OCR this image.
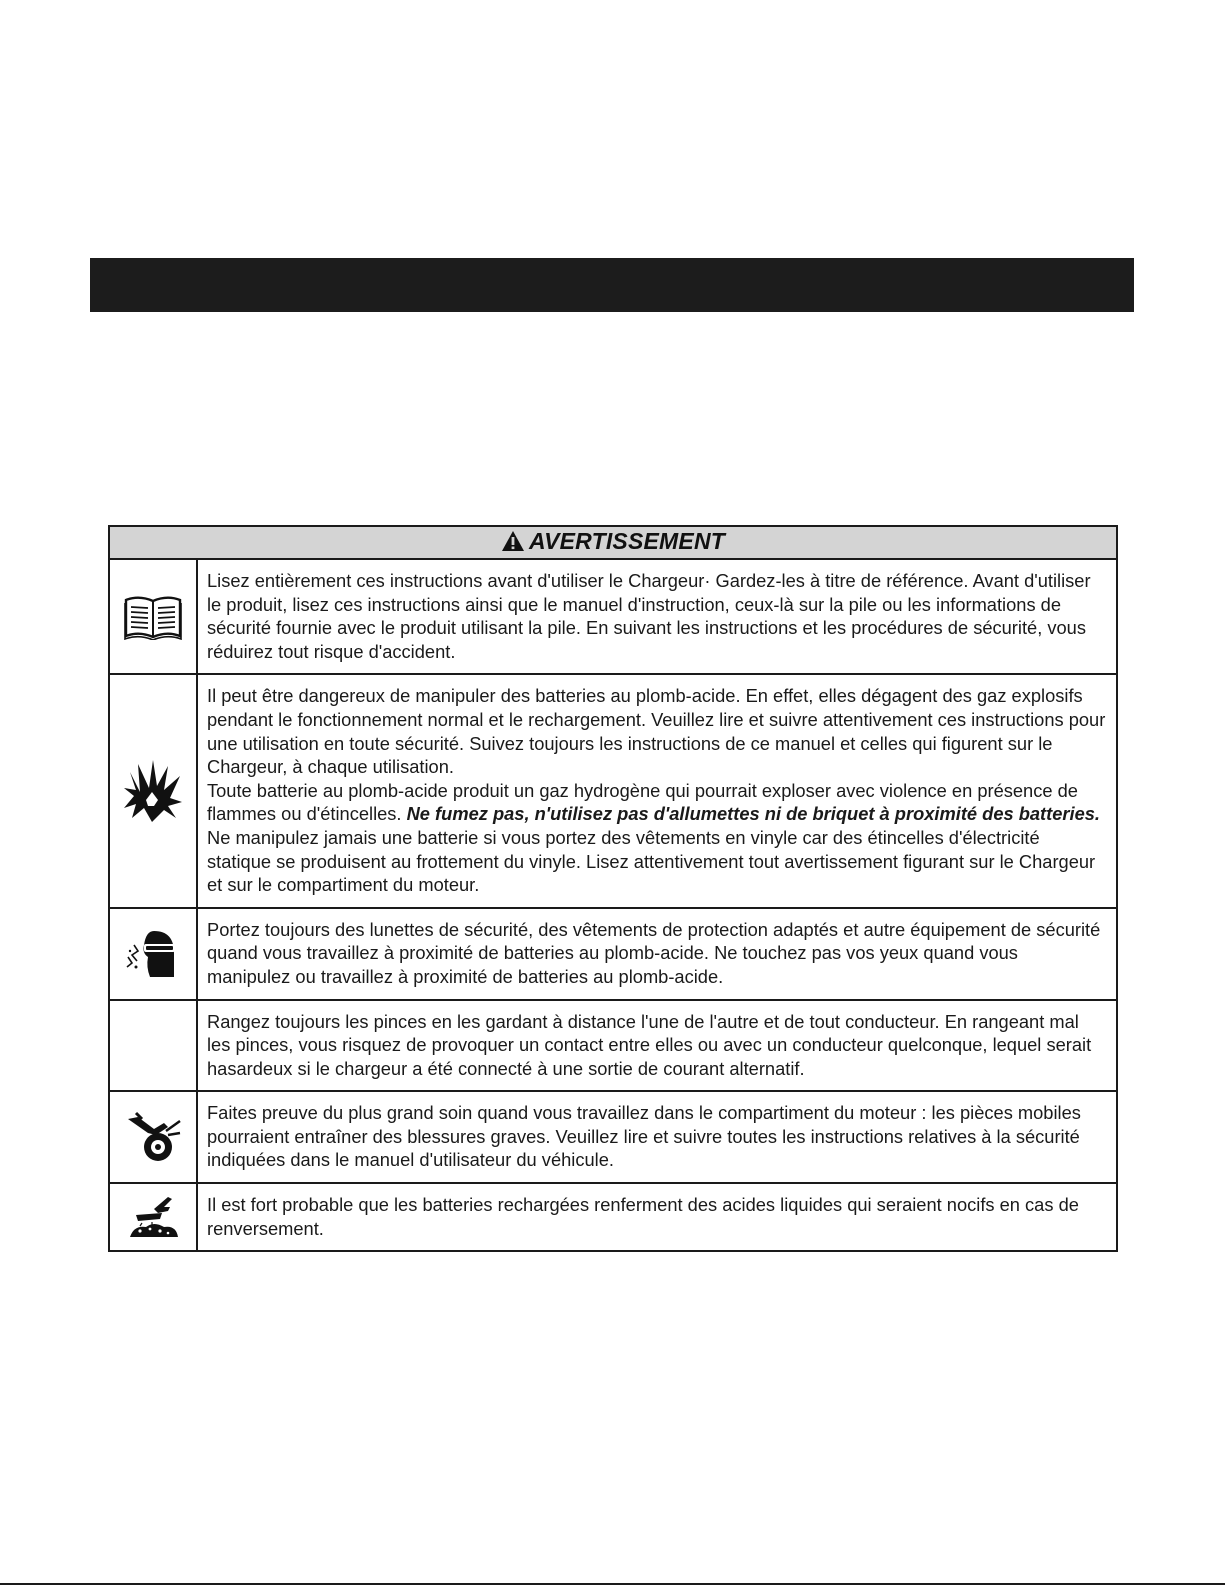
AVERTISSEMENT	

Lisez entièrement ces instructions avant d'utiliser le Chargeur· Gardez-les à titre de référence. Avant d'utiliser le produit, lisez ces instructions ainsi que le manuel d'instruction, ceux-là sur la pile ou les informations de sécurité fournie avec le produit utilisant la pile. En suivant les instructions et les procédures de sécurité, vous réduirez tout risque d'accident.

Il peut être dangereux de manipuler des batteries au plomb-acide. En effet, elles dégagent des gaz explosifs pendant le fonctionnement normal et le rechargement. Veuillez lire et suivre attentivement ces instructions pour une utilisation en toute sécurité. Suivez toujours les instructions de ce manuel et celles qui figurent sur le Chargeur, à chaque utilisation.

Toute batterie au plomb-acide produit un gaz hydrogène qui pourrait exploser avec violence en présence de flammes ou d'étincelles. Ne fumez pas, n'utilisez pas d'allumettes ni de briquet à proximité des batteries. Ne manipulez jamais une batterie si vous portez des vêtements en vinyle car des étincelles d'électricité statique se produisent au frottement du vinyle. Lisez attentivement tout avertissement figurant sur le Chargeur et sur le compartiment du moteur.

Portez toujours des lunettes de sécurité, des vêtements de protection adaptés et autre équipement de sécurité quand vous travaillez à proximité de batteries au plomb-acide. Ne touchez pas vos yeux quand vous manipulez ou travaillez à proximité de batteries au plomb-acide.

	Rangez toujours les pinces en les gardant à distance l'une de l'autre et de tout conducteur. En rangeant mal les pinces, vous risquez de provoquer un contact entre elles ou avec un conducteur quelconque, lequel serait hasardeux si le chargeur a été connecté à une sortie de courant alternatif.

Faites preuve du plus grand soin quand vous travaillez dans le compartiment du moteur : les pièces mobiles pourraient entraîner des blessures graves. Veuillez lire et suivre toutes les instructions relatives à la sécurité indiquées dans le manuel d'utilisateur du véhicule.

Il est fort probable que les batteries rechargées renferment des acides liquides qui seraient nocifs en cas de renversement.
